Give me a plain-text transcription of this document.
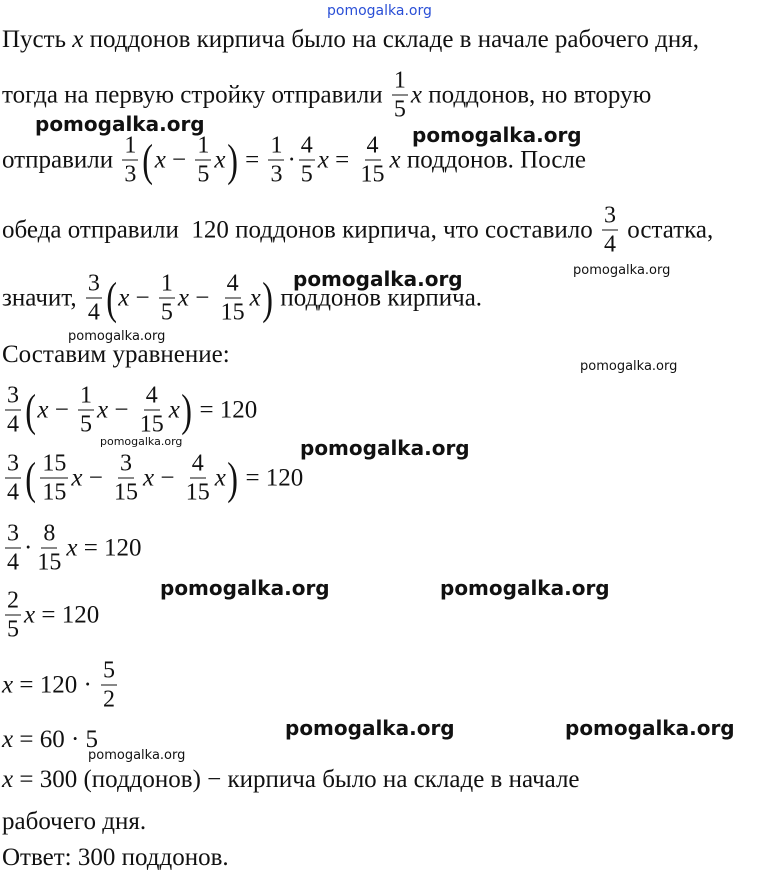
Пусть x поддонов кирпича было на складе в начале рабочего дня,
тогда на первую стройку отправили $\frac{1}{5}$ x поддонов, но вторую
отправили $\frac{1}{3}$ ( $x - \frac{1}{5}$ x ) = $\frac{1}{3} \cdot \frac{4}{5}$ $x = \frac{4}{15}$ x поддонов. После
обеда отправили  120 поддонов кирпича, что составило $\frac{3}{4}$ остатка,
значит, $\frac{3}{4}$ ( $x - \frac{1}{5}$ $x - \frac{4}{15}$ x ) поддонов кирпича.
Составим уравнение:
$\frac{3}{4}$ ( $x - \frac{1}{5}$ $x - \frac{4}{15}$ x ) = 120
$\frac{3}{4}$ ( $\frac{15}{15}$ $x - \frac{3}{15}$ $x - \frac{4}{15}$ x ) = 120
$\frac{3}{4} \cdot \frac{8}{15}$ x = 120
$\frac{2}{5}$ x = 120
$x = 120 \cdot \frac{5}{2}$
x = 60 · 5
x = 300 (поддонов) − кирпича было на складе в начале
рабочего дня.
Ответ: 300 поддонов.
pomogalka.org
pomogalka.org	pomogalka.org
pomogalka.org
pomogalka.org
pomogalka.org
pomogalka.org
pomogalka.org	pomogalka.org
pomogalka.org	pomogalka.org
pomogalka.org	pomogalka.org
pomogalka.org
